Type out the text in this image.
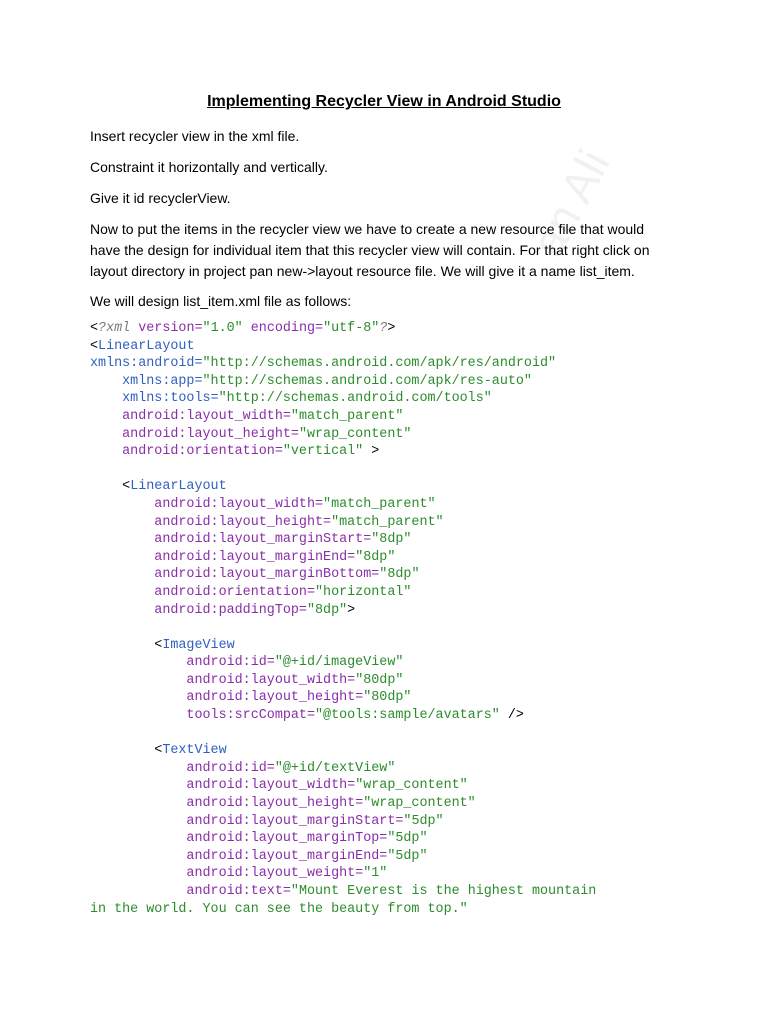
an Ali
Implementing Recycler View in Android Studio

Insert recycler view in the xml file.

Constraint it horizontally and vertically.

Give it id recyclerView.

Now to put the items in the recycler view we have to create a new resource file that would have the design for individual item that this recycler view will contain. For that right click on layout directory in project pan new->layout resource file. We will give it a name list_item.

We will design list_item.xml file as follows:

<?xml version="1.0" encoding="utf-8"?>
<LinearLayout
xmlns:android="http://schemas.android.com/apk/res/android"
xmlns:app="http://schemas.android.com/apk/res-auto"
xmlns:tools="http://schemas.android.com/tools"
android:layout_width="match_parent"
android:layout_height="wrap_content"
android:orientation="vertical" >
<LinearLayout
android:layout_width="match_parent"
android:layout_height="match_parent"
android:layout_marginStart="8dp"
android:layout_marginEnd="8dp"
android:layout_marginBottom="8dp"
android:orientation="horizontal"
android:paddingTop="8dp">
<ImageView
android:id="@+id/imageView"
android:layout_width="80dp"
android:layout_height="80dp"
tools:srcCompat="@tools:sample/avatars" />
<TextView
android:id="@+id/textView"
android:layout_width="wrap_content"
android:layout_height="wrap_content"
android:layout_marginStart="5dp"
android:layout_marginTop="5dp"
android:layout_marginEnd="5dp"
android:layout_weight="1"
android:text="Mount Everest is the highest mountain
in the world. You can see the beauty from top."
